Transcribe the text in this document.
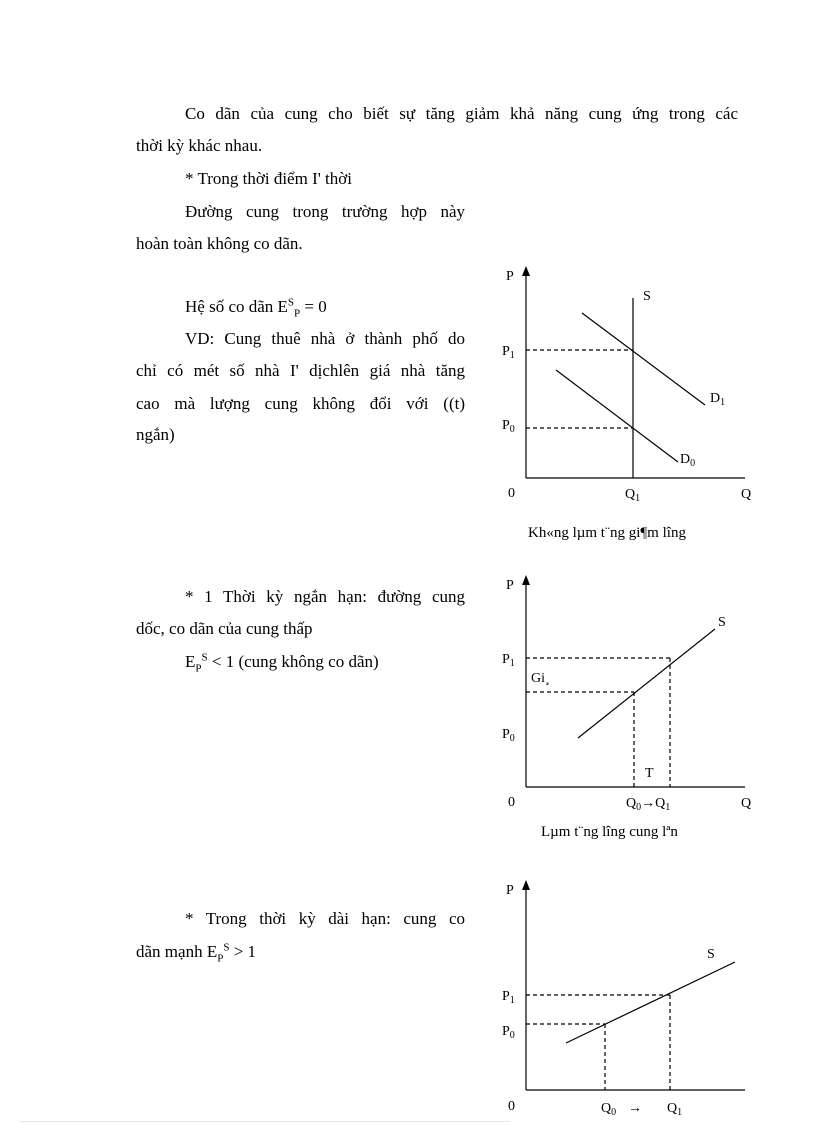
Co dãn của cung cho biết sự tăng giảm khả năng cung ứng trong các
thời kỳ khác nhau.
* Trong thời điểm I' thời
Đường cung trong trường hợp này
hoàn toàn không co dãn.
Hệ số co dãn $E^S_P = 0$
VD: Cung thuê nhà ở thành phố do
chỉ có mét số nhà I' dịchlên giá nhà tăng
cao mà lượng cung không đổi với ((t)
ngắn)
* 1 Thời kỳ ngắn hạn: đường cung
dốc, co dãn của cung thấp
$E_P^S < 1$ (cung không co dãn)
* Trong thời kỳ dài hạn: cung co
dãn mạnh $E_P^S > 1$
P
S
$P_1$
$D_1$
$P_0$
$D_0$
0	$Q_1$	Q
Kh«ng lµm t¨ng gi¶m lîng
P
S
$P_1$
Gi¸
$P_0$
T
0	$Q_0\to Q_1$	Q
Lµm t¨ng lîng cung lªn
P
S
$P_1$
$P_0$
0	$Q_0 \to Q_1$
